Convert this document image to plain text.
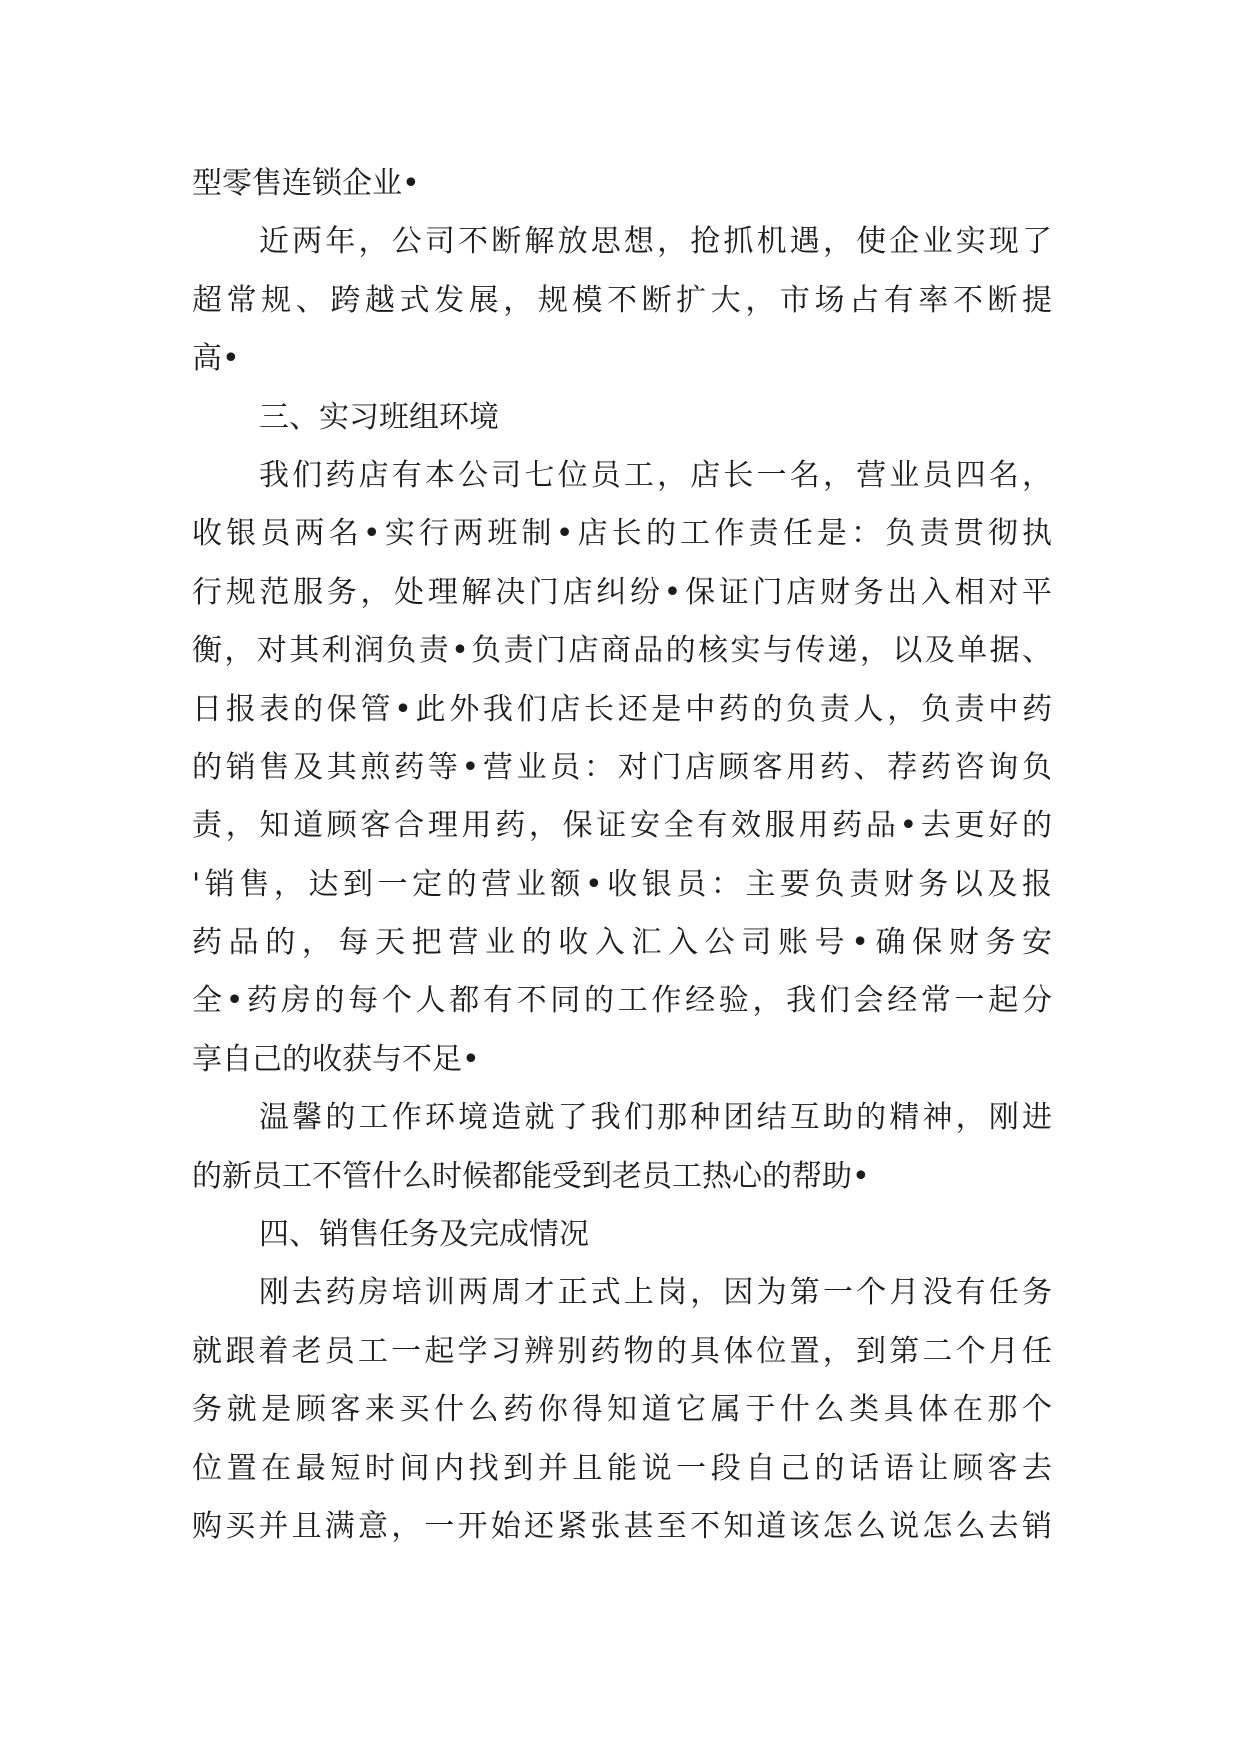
型零售连锁企业•
近两年，公司不断解放思想，抢抓机遇，使企业实现了
超常规、跨越式发展，规模不断扩大，市场占有率不断提
高•
三、实习班组环境
我们药店有本公司七位员工，店长一名，营业员四名，
收银员两名•实行两班制•店长的工作责任是：负责贯彻执
行规范服务，处理解决门店纠纷•保证门店财务出入相对平
衡，对其利润负责•负责门店商品的核实与传递，以及单据、
日报表的保管•此外我们店长还是中药的负责人，负责中药
的销售及其煎药等•营业员：对门店顾客用药、荐药咨询负
责，知道顾客合理用药，保证安全有效服用药品•去更好的
'销售，达到一定的营业额•收银员：主要负责财务以及报
药品的，每天把营业的收入汇入公司账号•确保财务安
全•药房的每个人都有不同的工作经验，我们会经常一起分
享自己的收获与不足•
温馨的工作环境造就了我们那种团结互助的精神，刚进
的新员工不管什么时候都能受到老员工热心的帮助•
四、销售任务及完成情况
刚去药房培训两周才正式上岗，因为第一个月没有任务
就跟着老员工一起学习辨别药物的具体位置，到第二个月任
务就是顾客来买什么药你得知道它属于什么类具体在那个
位置在最短时间内找到并且能说一段自己的话语让顾客去
购买并且满意，一开始还紧张甚至不知道该怎么说怎么去销
